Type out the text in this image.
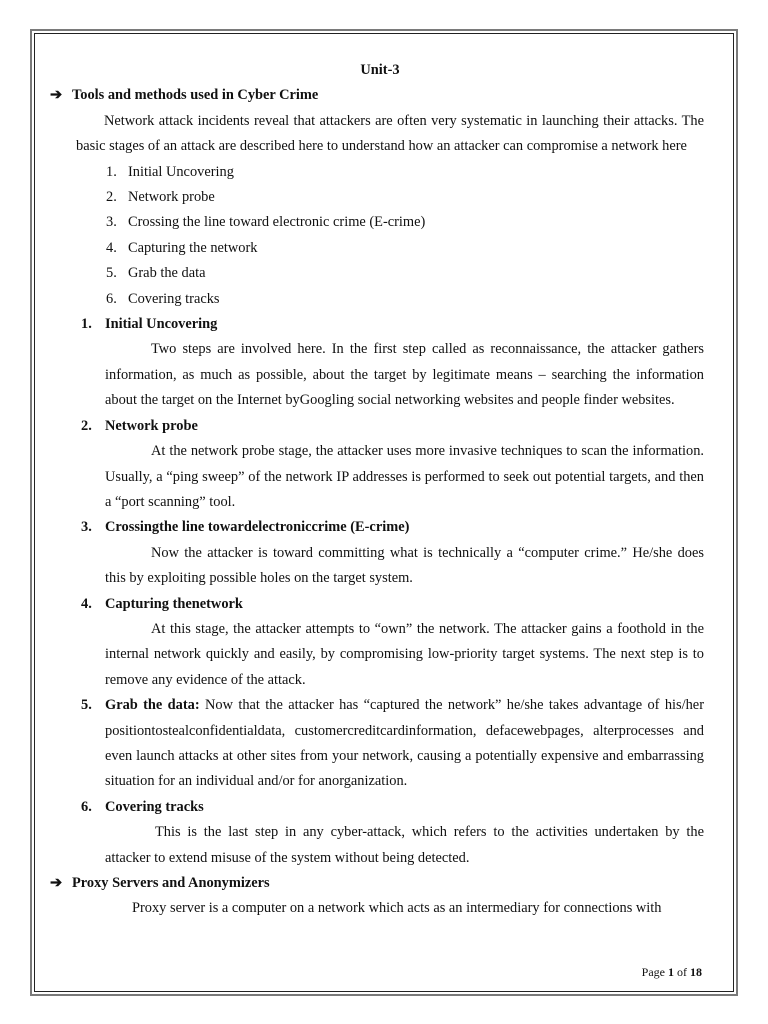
Unit-3

➔ Tools and methods used in Cyber Crime

Network attack incidents reveal that attackers are often very systematic in launching their attacks. The basic stages of an attack are described here to understand how an attacker can compromise a network here

1. Initial Uncovering
2. Network probe
3. Crossing the line toward electronic crime (E-crime)
4. Capturing the network
5. Grab the data
6. Covering tracks
1. Initial Uncovering

Two steps are involved here. In the first step called as reconnaissance, the attacker gathers information, as much as possible, about the target by legitimate means – searching the information about the target on the Internet byGoogling social networking websites and people finder websites.

2. Network probe

At the network probe stage, the attacker uses more invasive techniques to scan the information. Usually, a “ping sweep” of the network IP addresses is performed to seek out potential targets, and then a “port scanning” tool.

3. Crossingthe line towardelectroniccrime (E-crime)

Now the attacker is toward committing what is technically a “computer crime.” He/she does this by exploiting possible holes on the target system.

4. Capturing thenetwork

At this stage, the attacker attempts to “own” the network. The attacker gains a foothold in the internal network quickly and easily, by compromising low-priority target systems. The next step is to remove any evidence of the attack.

5. Grab the data: Now that the attacker has “captured the network” he/she takes advantage of his/her positiontostealconfidentialdata, customercreditcardinformation, defacewebpages, alterprocesses and even launch attacks at other sites from your network, causing a potentially expensive and embarrassing situation for an individual and/or for anorganization.

6. Covering tracks

This is the last step in any cyber-attack, which refers to the activities undertaken by the attacker to extend misuse of the system without being detected.

➔ Proxy Servers and Anonymizers

Proxy server is a computer on a network which acts as an intermediary for connections with

Page 1 of 18
